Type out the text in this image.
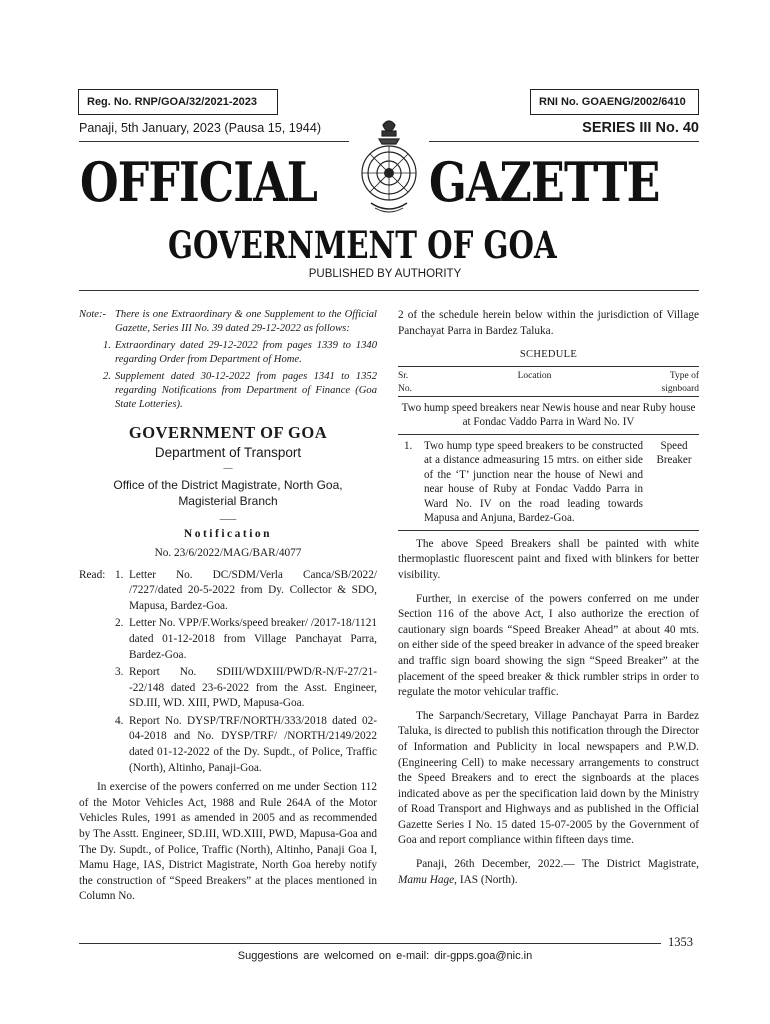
Reg. No. RNP/GOA/32/2021-2023	RNI No. GOAENG/2002/6410
Panaji, 5th January, 2023 (Pausa 15, 1944)	SERIES III No. 40
OFFICIAL GAZETTE
GOVERNMENT OF GOA
PUBLISHED BY AUTHORITY
Note:- There is one Extraordinary & one Supplement to the Official Gazette, Series III No. 39 dated 29-12-2022 as follows:
1. Extraordinary dated 29-12-2022 from pages 1339 to 1340 regarding Order from Department of Home.
2. Supplement dated 30-12-2022 from pages 1341 to 1352 regarding Notifications from Department of Finance (Goa State Lotteries).
GOVERNMENT OF GOA
Department of Transport
—
Office of the District Magistrate, North Goa, Magisterial Branch
___
Notification
No. 23/6/2022/MAG/BAR/4077
Read: 1. Letter No. DC/SDM/Verla Canca/SB/2022/ /7227/dated 20-5-2022 from Dy. Collector & SDO, Mapusa, Bardez-Goa.
2. Letter No. VPP/F.Works/speed breaker/ /2017-18/1121 dated 01-12-2018 from Village Panchayat Parra, Bardez-Goa.
3. Report No. SDIII/WDXIII/PWD/R-N/F-27/21- -22/148 dated 23-6-2022 from the Asst. Engineer, SD.III, WD. XIII, PWD, Mapusa-Goa.
4. Report No. DYSP/TRF/NORTH/333/2018 dated 02-04-2018 and No. DYSP/TRF/ /NORTH/2149/2022 dated 01-12-2022 of the Dy. Supdt., of Police, Traffic (North), Altinho, Panaji-Goa.

In exercise of the powers conferred on me under Section 112 of the Motor Vehicles Act, 1988 and Rule 264A of the Motor Vehicles Rules, 1991 as amended in 2005 and as recommended by The Asstt. Engineer, SD.III, WD.XIII, PWD, Mapusa-Goa and The Dy. Supdt., of Police, Traffic (North), Altinho, Panaji Goa I, Mamu Hage, IAS, District Magistrate, North Goa hereby notify the construction of “Speed Breakers” at the places mentioned in Column No.

2 of the schedule herein below within the jurisdiction of Village Panchayat Parra in Bardez Taluka.

SCHEDULE
Sr. No.	Location	Type of signboard

Two hump speed breakers near Newis house and near Ruby house at Fondac Vaddo Parra in Ward No. IV		

1.	Two hump type speed breakers to be constructed at a distance admeasuring 15 mtrs. on either side of the ‘T’ junction near the house of Newi and near house of Ruby at Fondac Vaddo Parra in Ward No. IV on the road leading towards Mapusa and Anjuna, Bardez-Goa.	Speed Breaker

The above Speed Breakers shall be painted with white thermoplastic fluorescent paint and fixed with blinkers for better visibility.

Further, in exercise of the powers conferred on me under Section 116 of the above Act, I also authorize the erection of cautionary sign boards “Speed Breaker Ahead” at about 40 mts. on either side of the speed breaker in advance of the speed breaker and traffic sign board showing the sign “Speed Breaker” at the placement of the speed breaker & thick rumbler strips in order to regulate the motor vehicular traffic.

The Sarpanch/Secretary, Village Panchayat Parra in Bardez Taluka, is directed to publish this notification through the Director of Information and Publicity in local newspapers and P.W.D. (Engineering Cell) to make necessary arrangements to construct the Speed Breakers and to erect the signboards at the places indicated above as per the specification laid down by the Ministry of Road Transport and Highways and as published in the Official Gazette Series I No. 15 dated 15-07-2005 by the Government of Goa and report compliance within fifteen days time.

Panaji, 26th December, 2022.— The District Magistrate, Mamu Hage, IAS (North).

1353
Suggestions are welcomed on e-mail: dir-gpps.goa@nic.in
